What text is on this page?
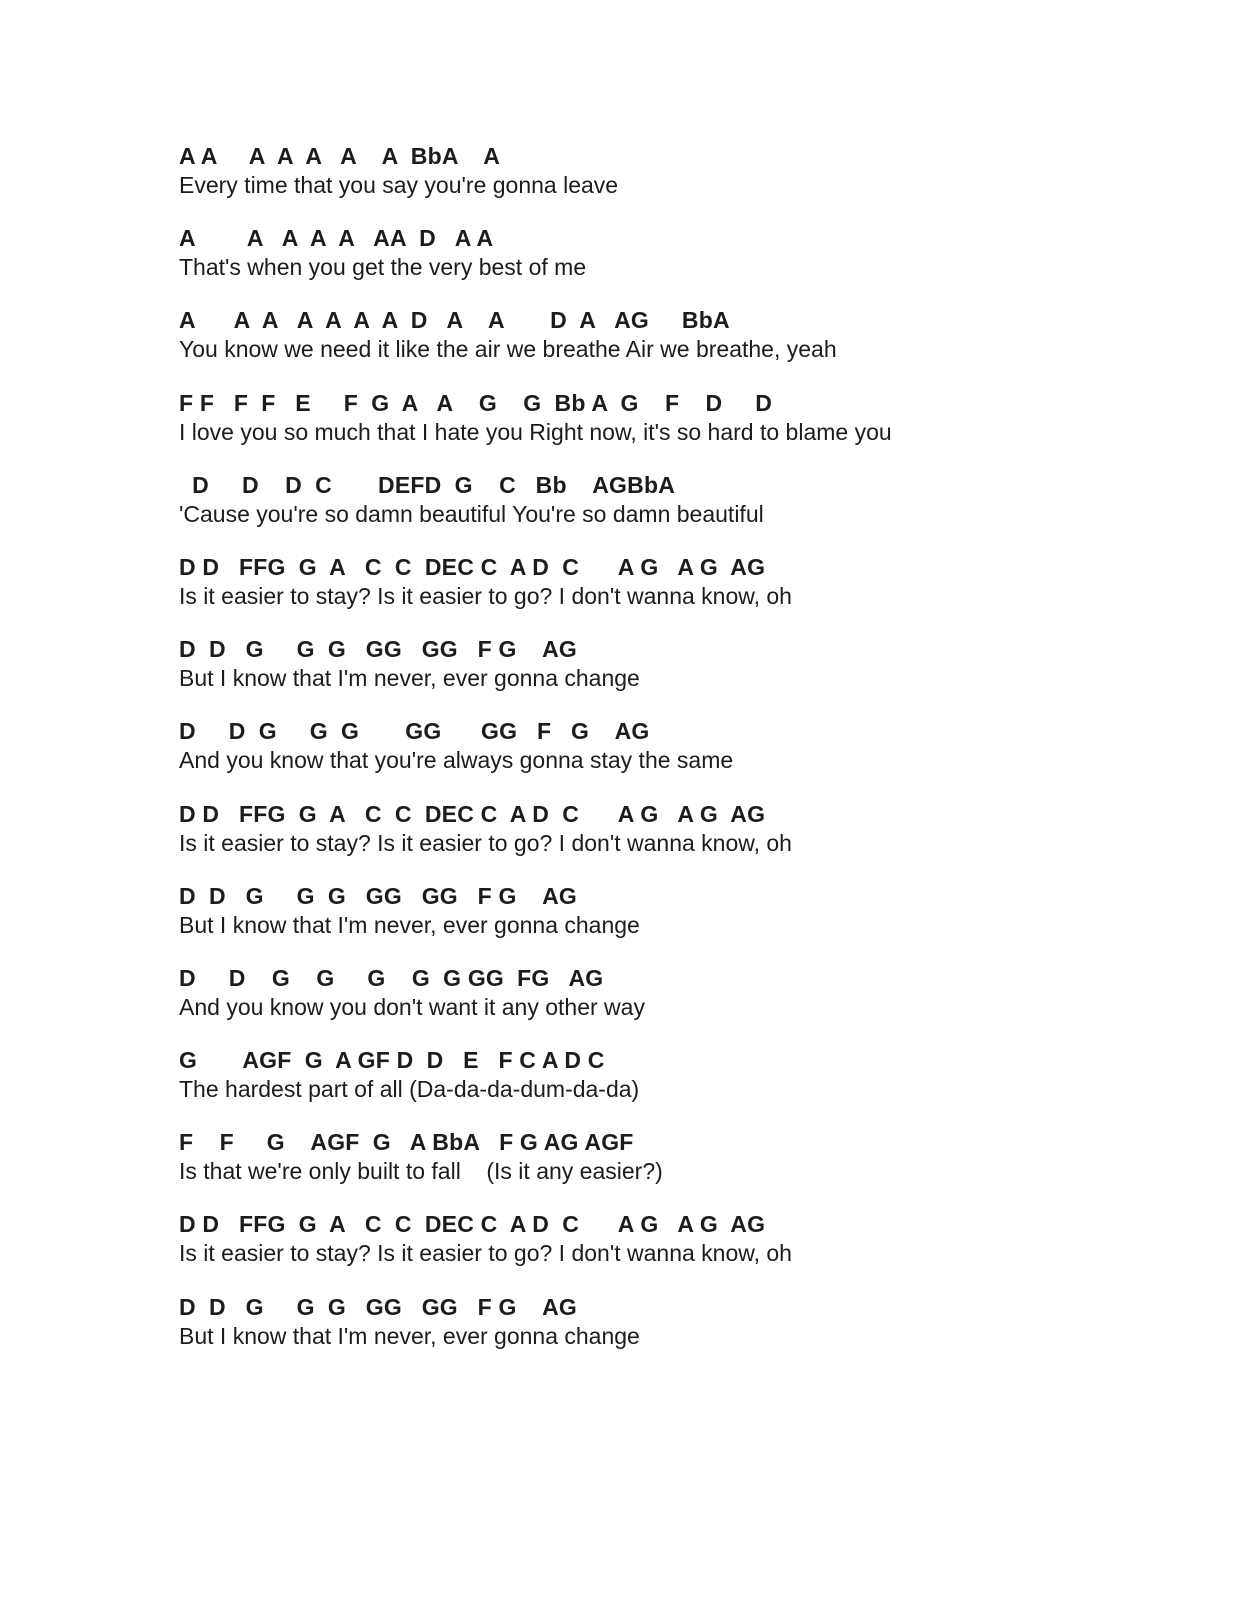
A A     A  A  A   A    A  BbA    A
Every time that you say you're gonna leave
A        A   A  A  A   AA  D   A A
That's when you get the very best of me
A      A  A   A  A  A  A  D   A    A       D  A   AG     BbA
You know we need it like the air we breathe Air we breathe, yeah
F F   F  F   E     F  G  A   A    G    G  Bb A  G    F    D     D
I love you so much that I hate you Right now, it's so hard to blame you
D     D    D  C       DEFD  G    C   Bb    AGBbA
'Cause you're so damn beautiful You're so damn beautiful
D D   FFG  G  A   C  C  DEC C  A D  C      A G   A G  AG
Is it easier to stay? Is it easier to go? I don't wanna know, oh
D  D   G     G  G   GG   GG   F G    AG
But I know that I'm never, ever gonna change
D     D  G     G  G       GG      GG   F   G    AG
And you know that you're always gonna stay the same
D D   FFG  G  A   C  C  DEC C  A D  C      A G   A G  AG
Is it easier to stay? Is it easier to go? I don't wanna know, oh
D  D   G     G  G   GG   GG   F G    AG
But I know that I'm never, ever gonna change
D     D    G    G     G    G  G GG  FG   AG
And you know you don't want it any other way
G       AGF  G  A GF D  D   E   F C A D C
The hardest part of all (Da-da-da-dum-da-da)
F    F     G    AGF  G   A BbA   F G AG AGF
Is that we're only built to fall    (Is it any easier?)
D D   FFG  G  A   C  C  DEC C  A D  C      A G   A G  AG
Is it easier to stay? Is it easier to go? I don't wanna know, oh
D  D   G     G  G   GG   GG   F G    AG
But I know that I'm never, ever gonna change
